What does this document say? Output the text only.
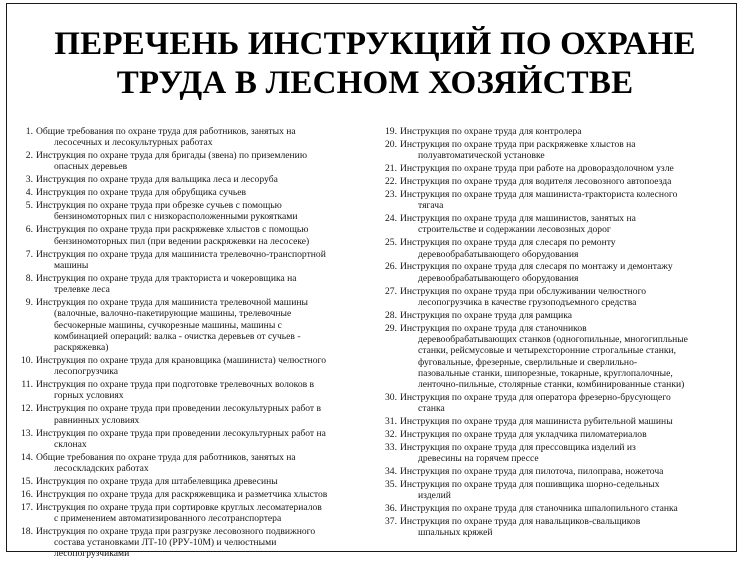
ПЕРЕЧЕНЬ ИНСТРУКЦИЙ ПО ОХРАНЕ
ТРУДА В ЛЕСНОМ ХОЗЯЙСТВЕ
1. Общие требования по охране труда для работников, занятых на
лесосечных и лесокультурных работах
2. Инструкция по охране труда для бригады (звена) по приземлению
опасных деревьев
3. Инструкция по охране труда для вальщика леса и лесоруба
4. Инструкция по охране труда для обрубщика сучьев
5. Инструкция по охране труда при обрезке сучьев с помощью
бензиномоторных пил с низкорасположенными рукоятками
6. Инструкция по охране труда при раскряжевке хлыстов с помощью
бензиномоторных пил (при ведении раскряжевки на лесосеке)
7. Инструкция по охране труда для машиниста трелевочно-транспортной
машины
8. Инструкция по охране труда для тракториста и чокеровщика на
трелевке леса
9. Инструкция по охране труда для машиниста трелевочной машины
(валочные, валочно-пакетирующие машины, трелевочные
бесчокерные машины, сучкорезные машины, машины с
комбинацией операций: валка - очистка деревьев от сучьев -
раскряжевка)
10. Инструкция по охране труда для крановщика (машиниста) челюстного
лесопогрузчика
11. Инструкция по охране труда при подготовке трелевочных волоков в
горных условиях
12. Инструкция по охране труда при проведении лесокультурных работ в
равнинных условиях
13. Инструкция по охране труда при проведении лесокультурных работ на
склонах
14. Общие требования по охране труда для работников, занятых на
лесоскладских работах
15. Инструкция по охране труда для штабелевщика древесины
16. Инструкция по охране труда для раскряжевщика и разметчика хлыстов
17. Инструкция по охране труда при сортировке круглых лесоматериалов
с применением автоматизированного лесотранспортера
18. Инструкция по охране труда при разгрузке лесовозного подвижного
состава установками ЛТ-10 (РРУ-10М) и челюстными
лесопогрузчиками
19. Инструкция по охране труда для контролера
20. Инструкция по охране труда при раскряжевке хлыстов на
полуавтоматической установке
21. Инструкция по охране труда при работе на дровораздолочном узле
22. Инструкция по охране труда для водителя лесовозного автопоезда
23. Инструкция по охране труда для машиниста-тракториста колесного
тягача
24. Инструкция по охране труда для машинистов, занятых на
строительстве и содержании лесовозных дорог
25. Инструкция по охране труда для слесаря по ремонту
деревообрабатывающего оборудования
26. Инструкция по охране труда для слесаря по монтажу и демонтажу
деревообрабатывающего оборудования
27. Инструкция по охране труда при обслуживании челюстного
лесопогрузчика в качестве грузоподъемного средства
28. Инструкция по охране труда для рамщика
29. Инструкция по охране труда для станочников
деревообрабатывающих станков (одногопильные, многогипльные
станки, рейсмусовые и четырехсторонние строгальные станки,
фуговальные, фрезерные, сверлильные и сверлильно-
пазовальные станки, шипорезные, токарные, круглопалочные,
ленточно-пильные, столярные станки, комбинированные станки)
30. Инструкция по охране труда для оператора фрезерно-брусующего
станка
31. Инструкция по охране труда для машиниста рубительной машины
32. Инструкция по охране труда для укладчика пиломатериалов
33. Инструкция по охране труда для прессовщика изделий из
древесины на горячем прессе
34. Инструкция по охране труда для пилоточа, пилоправа, ножеточа
35. Инструкция по охране труда для пошивщика шорно-седельных
изделий
36. Инструкция по охране труда для станочника шпалопильного станка
37. Инструкция по охране труда для навальщиков-свальщиков
шпальных кряжей
